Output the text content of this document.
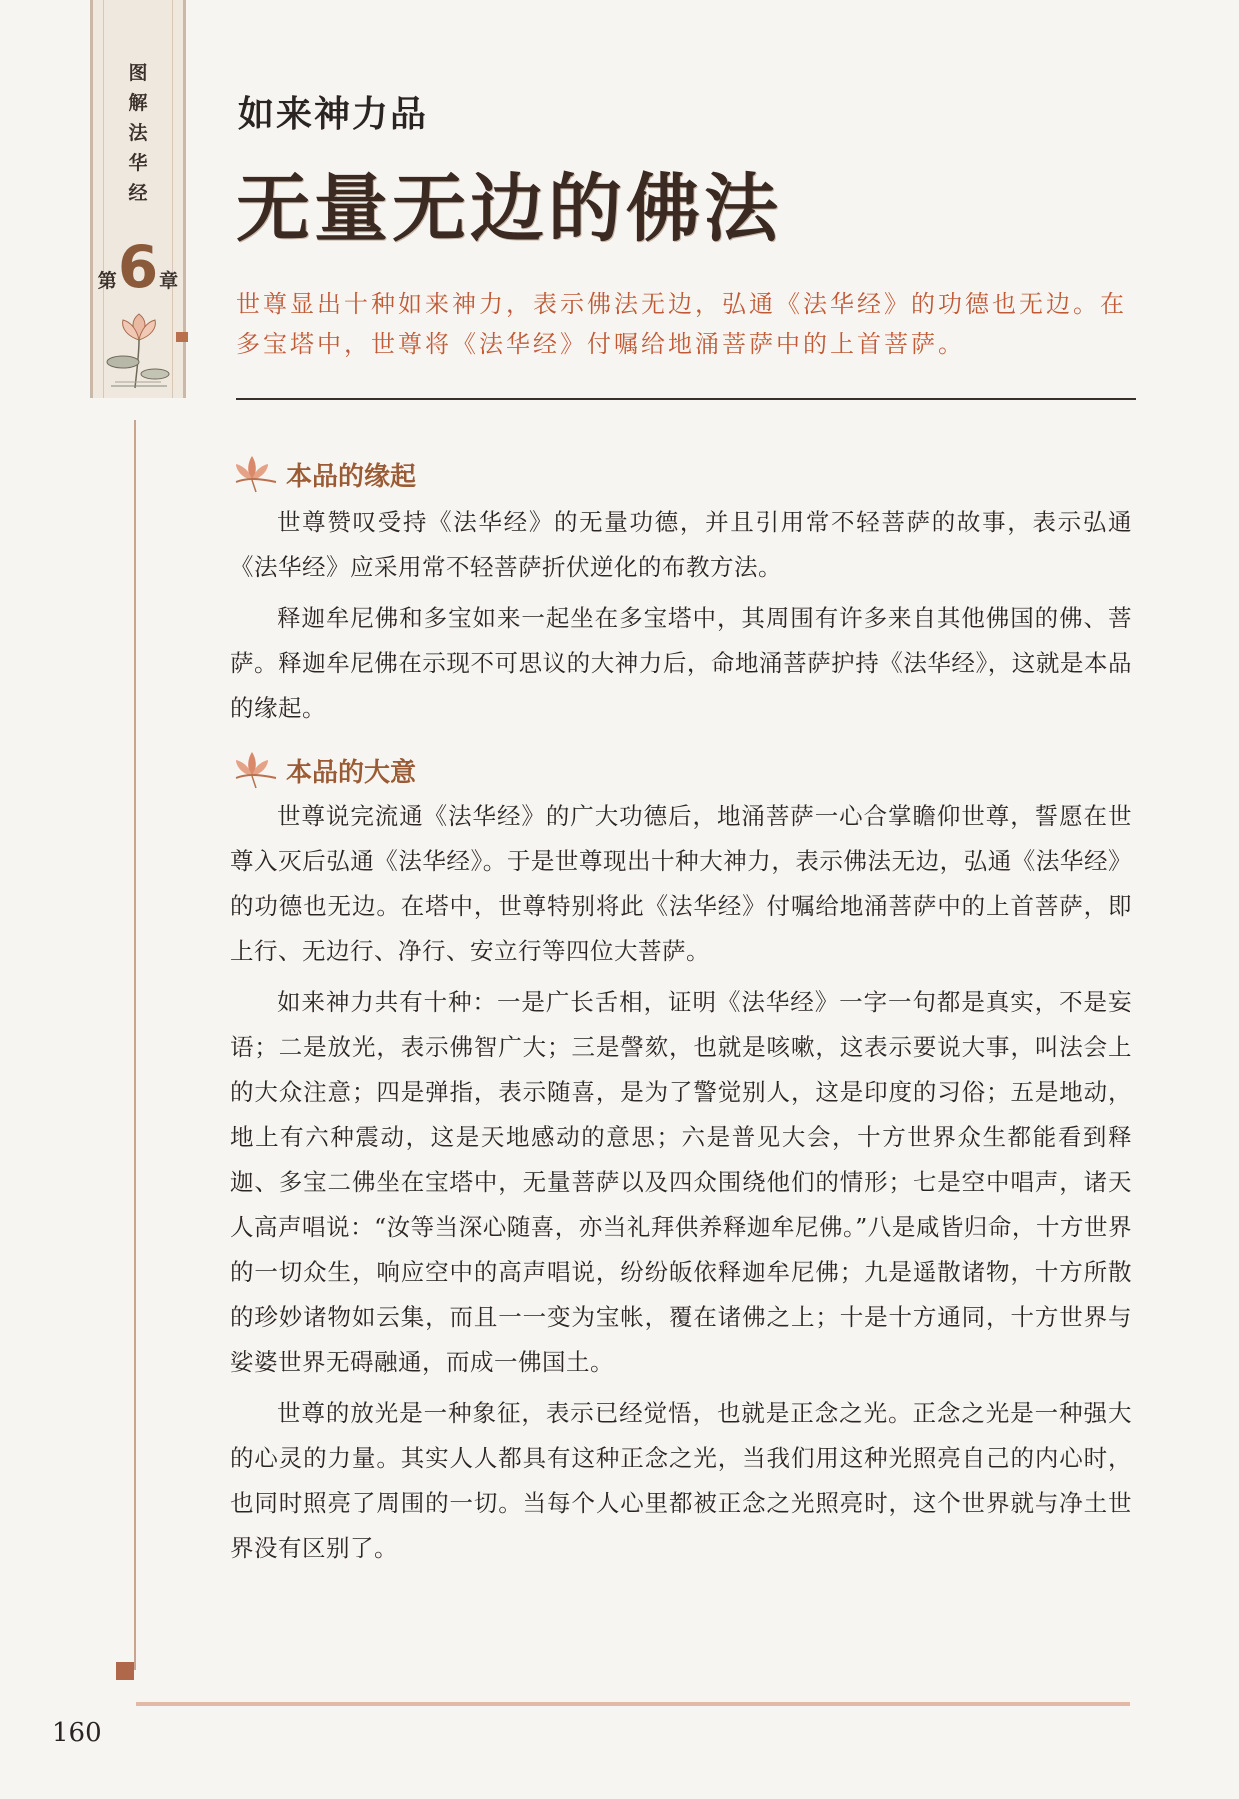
图
解
法
华
经
第 6 章
如来神力品
无量无边的佛法
世尊显出十种如来神力，表示佛法无边，弘通《法华经》的功德也无边。在多宝塔中，世尊将《法华经》付嘱给地涌菩萨中的上首菩萨。
本品的缘起

世尊赞叹受持《法华经》的无量功德，并且引用常不轻菩萨的故事，表示弘通《法华经》应采用常不轻菩萨折伏逆化的布教方法。

释迦牟尼佛和多宝如来一起坐在多宝塔中，其周围有许多来自其他佛国的佛、菩萨。释迦牟尼佛在示现不可思议的大神力后，命地涌菩萨护持《法华经》，这就是本品的缘起。

本品的大意

世尊说完流通《法华经》的广大功德后，地涌菩萨一心合掌瞻仰世尊，誓愿在世尊入灭后弘通《法华经》。于是世尊现出十种大神力，表示佛法无边，弘通《法华经》的功德也无边。在塔中，世尊特别将此《法华经》付嘱给地涌菩萨中的上首菩萨，即上行、无边行、净行、安立行等四位大菩萨。

如来神力共有十种：一是广长舌相，证明《法华经》一字一句都是真实，不是妄语；二是放光，表示佛智广大；三是謦欬，也就是咳嗽，这表示要说大事，叫法会上的大众注意；四是弹指，表示随喜，是为了警觉别人，这是印度的习俗；五是地动，地上有六种震动，这是天地感动的意思；六是普见大会，十方世界众生都能看到释迦、多宝二佛坐在宝塔中，无量菩萨以及四众围绕他们的情形；七是空中唱声，诸天人高声唱说：“汝等当深心随喜，亦当礼拜供养释迦牟尼佛。”八是咸皆归命，十方世界的一切众生，响应空中的高声唱说，纷纷皈依释迦牟尼佛；九是遥散诸物，十方所散的珍妙诸物如云集，而且一一变为宝帐，覆在诸佛之上；十是十方通同，十方世界与娑婆世界无碍融通，而成一佛国土。

世尊的放光是一种象征，表示已经觉悟，也就是正念之光。正念之光是一种强大的心灵的力量。其实人人都具有这种正念之光，当我们用这种光照亮自己的内心时，也同时照亮了周围的一切。当每个人心里都被正念之光照亮时，这个世界就与净土世界没有区别了。

160
